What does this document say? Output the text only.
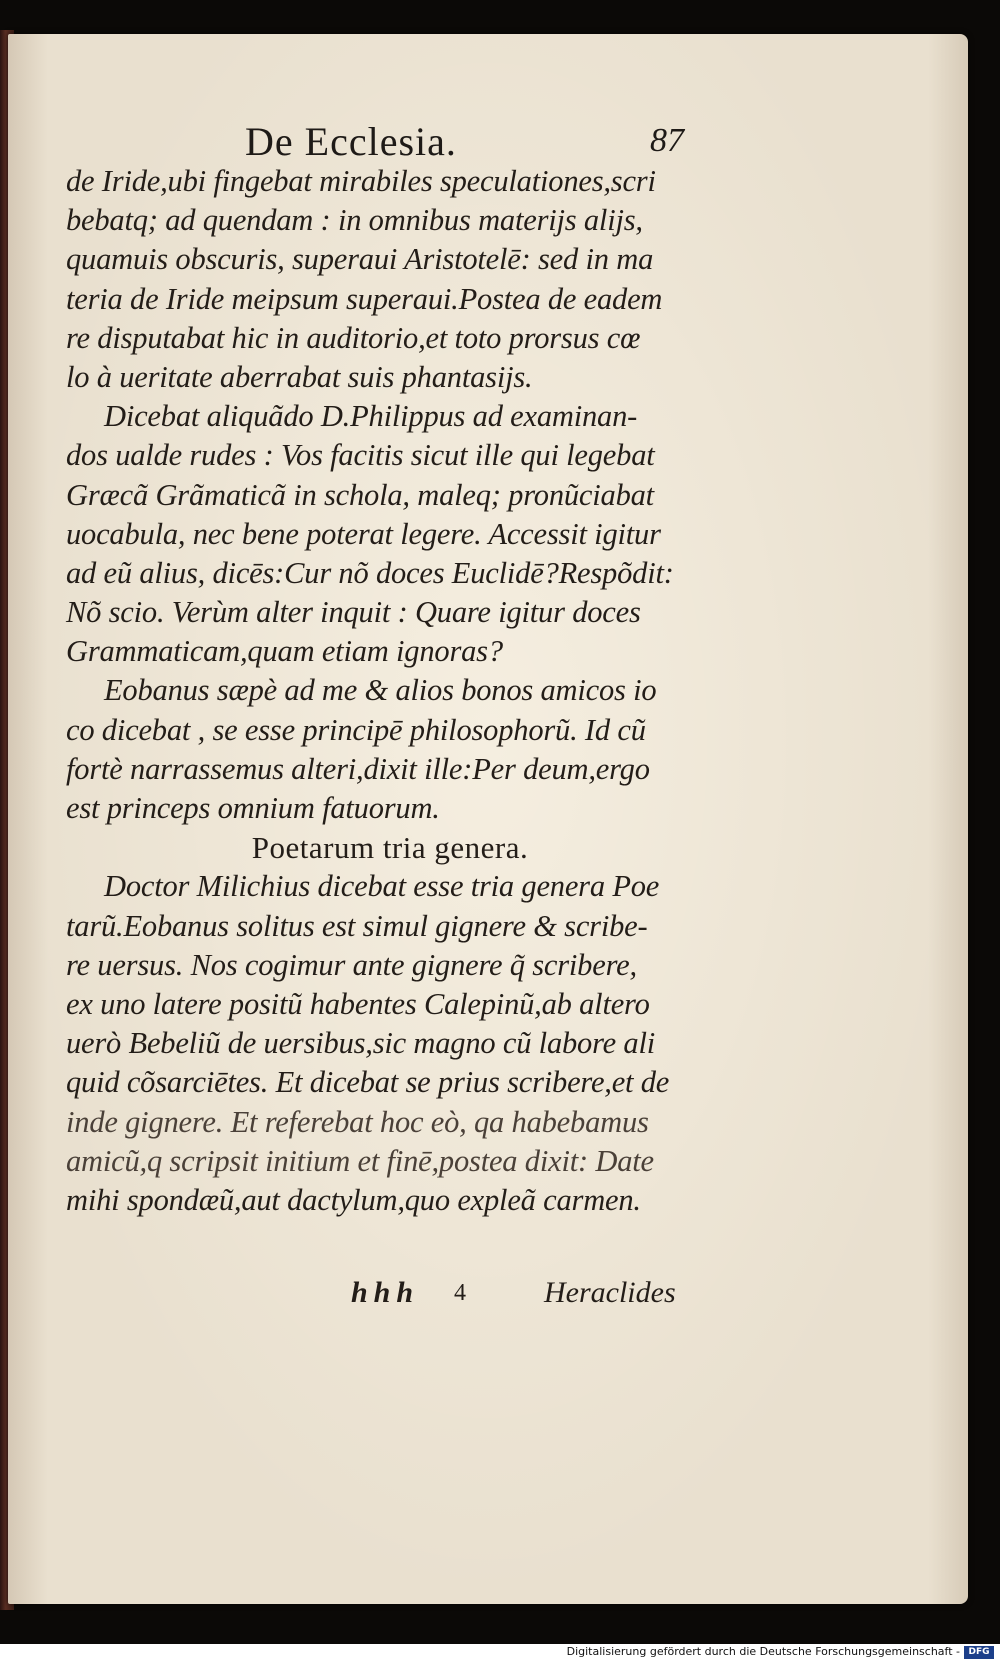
De Ecclesia.	87
de Iride,ubi fingebat mirabiles speculationes,scri
bebatq; ad quendam : in omnibus materijs alijs,
quamuis obscuris, superaui Aristotelē: sed in ma
teria de Iride meipsum superaui.Postea de eadem
re disputabat hic in auditorio,et toto prorsus cœ
lo à ueritate aberrabat suis phantasijs.
Dicebat aliquãdo D.Philippus ad examinan-
dos ualde rudes : Vos facitis sicut ille qui legebat
Græcã Grãmaticã in schola, maleq; pronũciabat
uocabula, nec bene poterat legere. Accessit igitur
ad eũ alius, dicēs:Cur nõ doces Euclidē?Respõdit:
Nõ scio. Verùm alter inquit : Quare igitur doces
Grammaticam,quam etiam ignoras?
Eobanus sæpè ad me & alios bonos amicos io
co dicebat , se esse principē philosophorũ. Id cũ
fortè narrassemus alteri,dixit ille:Per deum,ergo
est princeps omnium fatuorum.
Poetarum tria genera.
Doctor Milichius dicebat esse tria genera Poe
tarũ.Eobanus solitus est simul gignere & scribe-
re uersus. Nos cogimur ante gignere q̃ scribere,
ex uno latere positũ habentes Calepinũ,ab altero
uerò Bebeliũ de uersibus,sic magno cũ labore ali
quid cõsarciētes. Et dicebat se prius scribere,et de
inde gignere. Et referebat hoc eò, qa habebamus
amicũ,q scripsit initium et finē,postea dixit: Date
mihi spondæũ,aut dactylum,quo expleã carmen.
hhh 4	Heraclides
Digitalisierung gefördert durch die Deutsche Forschungsgemeinschaft - DFG
